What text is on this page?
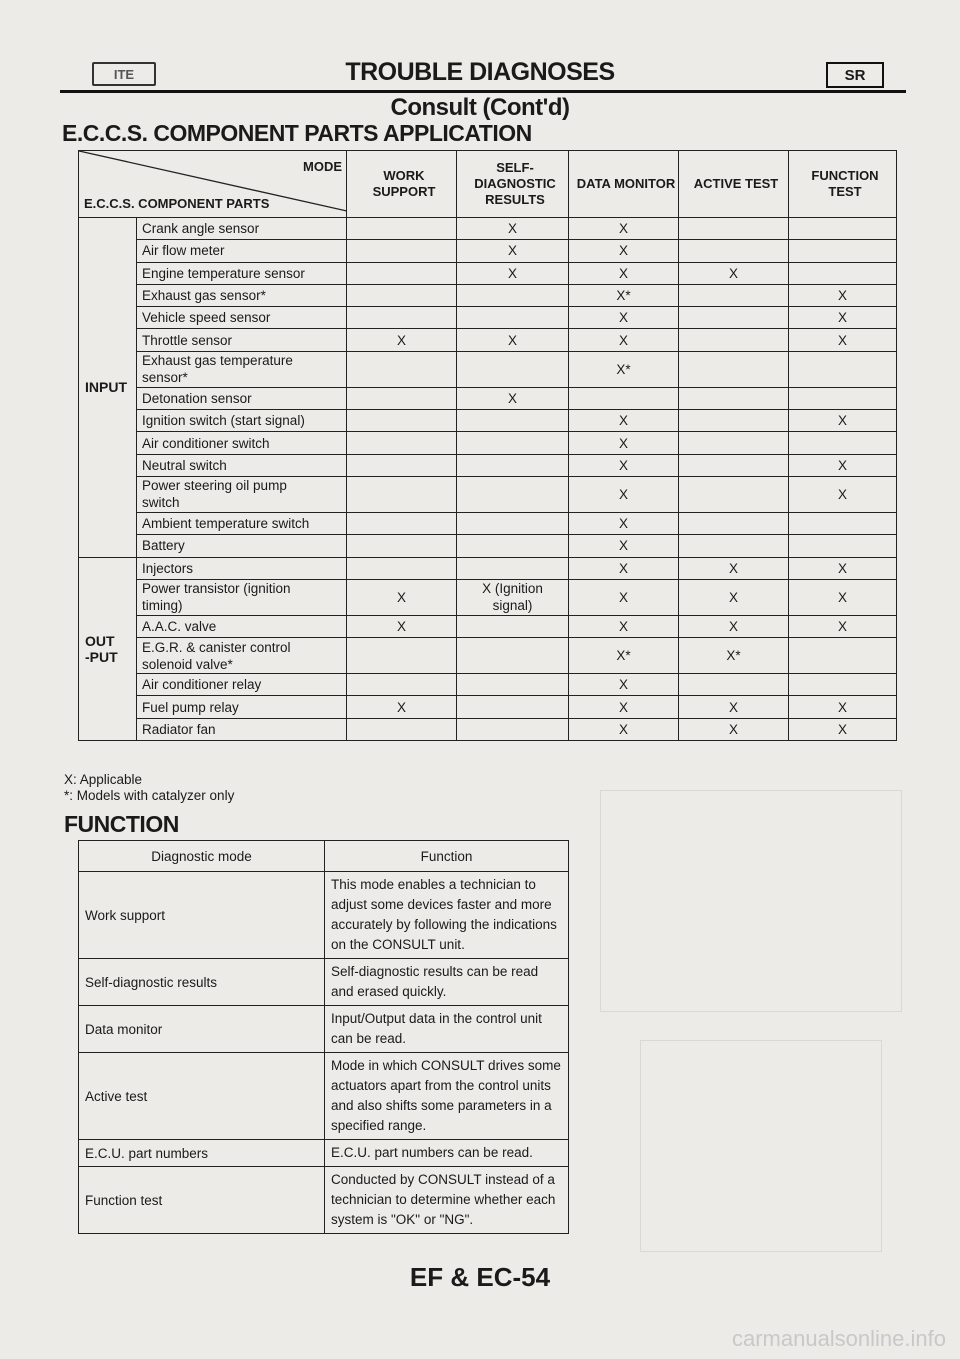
ITE	TROUBLE DIAGNOSES	SR
Consult (Cont'd)
E.C.C.S. COMPONENT PARTS APPLICATION
MODE
E.C.C.S. COMPONENT PARTS		WORK SUPPORT	SELF-DIAGNOSTIC RESULTS	DATA MONITOR	ACTIVE TEST	FUNCTION TEST
INPUT	Crank angle sensor		X	X		
	Air flow meter		X	X		
	Engine temperature sensor		X	X	X	
	Exhaust gas sensor*			X*		X
	Vehicle speed sensor			X		X
	Throttle sensor	X	X	X		X
	Exhaust gas temperature sensor*			X*		
	Detonation sensor		X			
	Ignition switch (start signal)			X		X
	Air conditioner switch			X		
	Neutral switch			X		X
	Power steering oil pump switch			X		X
	Ambient temperature switch			X		
	Battery			X		
OUT-PUT	Injectors			X	X	X
	Power transistor (ignition timing)	X	X (Ignition signal)	X	X	X
	A.A.C. valve	X		X	X	X
	E.G.R. & canister control solenoid valve*			X*	X*	
	Air conditioner relay			X		
	Fuel pump relay	X		X	X	X
	Radiator fan			X	X	X
X: Applicable
*: Models with catalyzer only
FUNCTION
Diagnostic mode	Function
Work support	This mode enables a technician to adjust some devices faster and more accurately by following the indications on the CONSULT unit.
Self-diagnostic results	Self-diagnostic results can be read and erased quickly.
Data monitor	Input/Output data in the control unit can be read.
Active test	Mode in which CONSULT drives some actuators apart from the control units and also shifts some parameters in a specified range.
E.C.U. part numbers	E.C.U. part numbers can be read.
Function test	Conducted by CONSULT instead of a technician to determine whether each system is "OK" or "NG".
EF & EC-54
carmanualsonline.info
